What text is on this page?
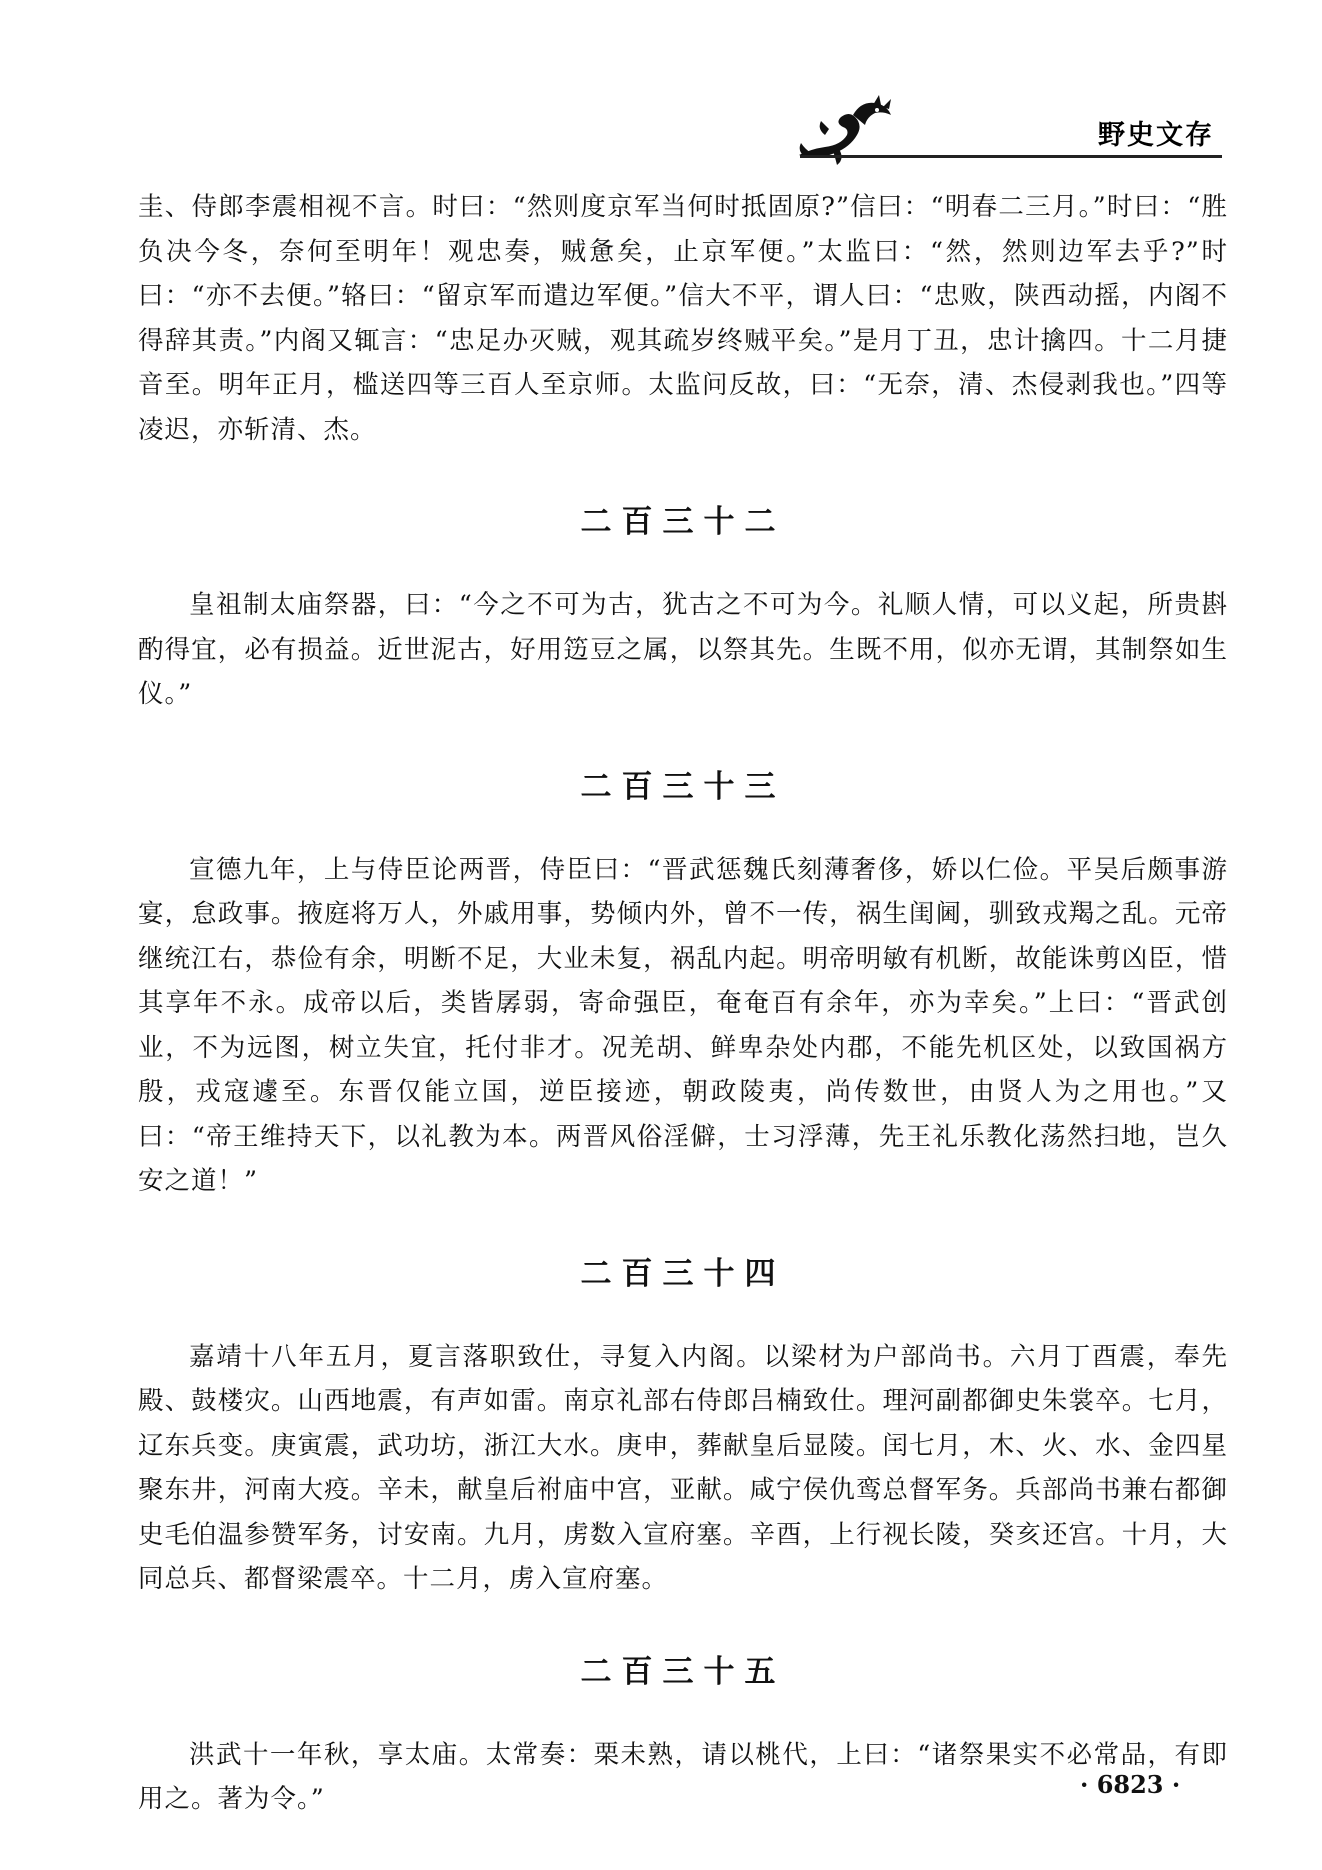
野史文存

圭、侍郎李震相视不言。时曰：“然则度京军当何时抵固原?”信曰：“明春二三月。”时曰：“胜负决今冬，奈何至明年！观忠奏，贼惫矣，止京军便。”太监曰：“然，然则边军去乎?”时曰：“亦不去便。”辂曰：“留京军而遣边军便。”信大不平，谓人曰：“忠败，陕西动摇，内阁不得辞其责。”内阁又辄言：“忠足办灭贼，观其疏岁终贼平矣。”是月丁丑，忠计擒四。十二月捷音至。明年正月，槛送四等三百人至京师。太监问反故，曰：“无奈，清、杰侵剥我也。”四等凌迟，亦斩清、杰。

二百三十二

皇祖制太庙祭器，曰：“今之不可为古，犹古之不可为今。礼顺人情，可以义起，所贵斟酌得宜，必有损益。近世泥古，好用笾豆之属，以祭其先。生既不用，似亦无谓，其制祭如生仪。”

二百三十三

宣德九年，上与侍臣论两晋，侍臣曰：“晋武惩魏氏刻薄奢侈，娇以仁俭。平吴后颇事游宴，怠政事。掖庭将万人，外戚用事，势倾内外，曾不一传，祸生闺阃，驯致戎羯之乱。元帝继统江右，恭俭有余，明断不足，大业未复，祸乱内起。明帝明敏有机断，故能诛剪凶臣，惜其享年不永。成帝以后，类皆孱弱，寄命强臣，奄奄百有余年，亦为幸矣。”上曰：“晋武创业，不为远图，树立失宜，托付非才。况羌胡、鲜卑杂处内郡，不能先机区处，以致国祸方殷，戎寇遽至。东晋仅能立国，逆臣接迹，朝政陵夷，尚传数世，由贤人为之用也。”又曰：“帝王维持天下，以礼教为本。两晋风俗淫僻，士习浮薄，先王礼乐教化荡然扫地，岂久安之道！”

二百三十四

嘉靖十八年五月，夏言落职致仕，寻复入内阁。以梁材为户部尚书。六月丁酉震，奉先殿、鼓楼灾。山西地震，有声如雷。南京礼部右侍郎吕楠致仕。理河副都御史朱裳卒。七月，辽东兵变。庚寅震，武功坊，浙江大水。庚申，葬献皇后显陵。闰七月，木、火、水、金四星聚东井，河南大疫。辛未，献皇后祔庙中宫，亚献。咸宁侯仇鸾总督军务。兵部尚书兼右都御史毛伯温参赞军务，讨安南。九月，虏数入宣府塞。辛酉，上行视长陵，癸亥还宫。十月，大同总兵、都督梁震卒。十二月，虏入宣府塞。

二百三十五

洪武十一年秋，享太庙。太常奏：栗未熟，请以桃代，上曰：“诸祭果实不必常品，有即用之。著为令。”	· 6823 ·
